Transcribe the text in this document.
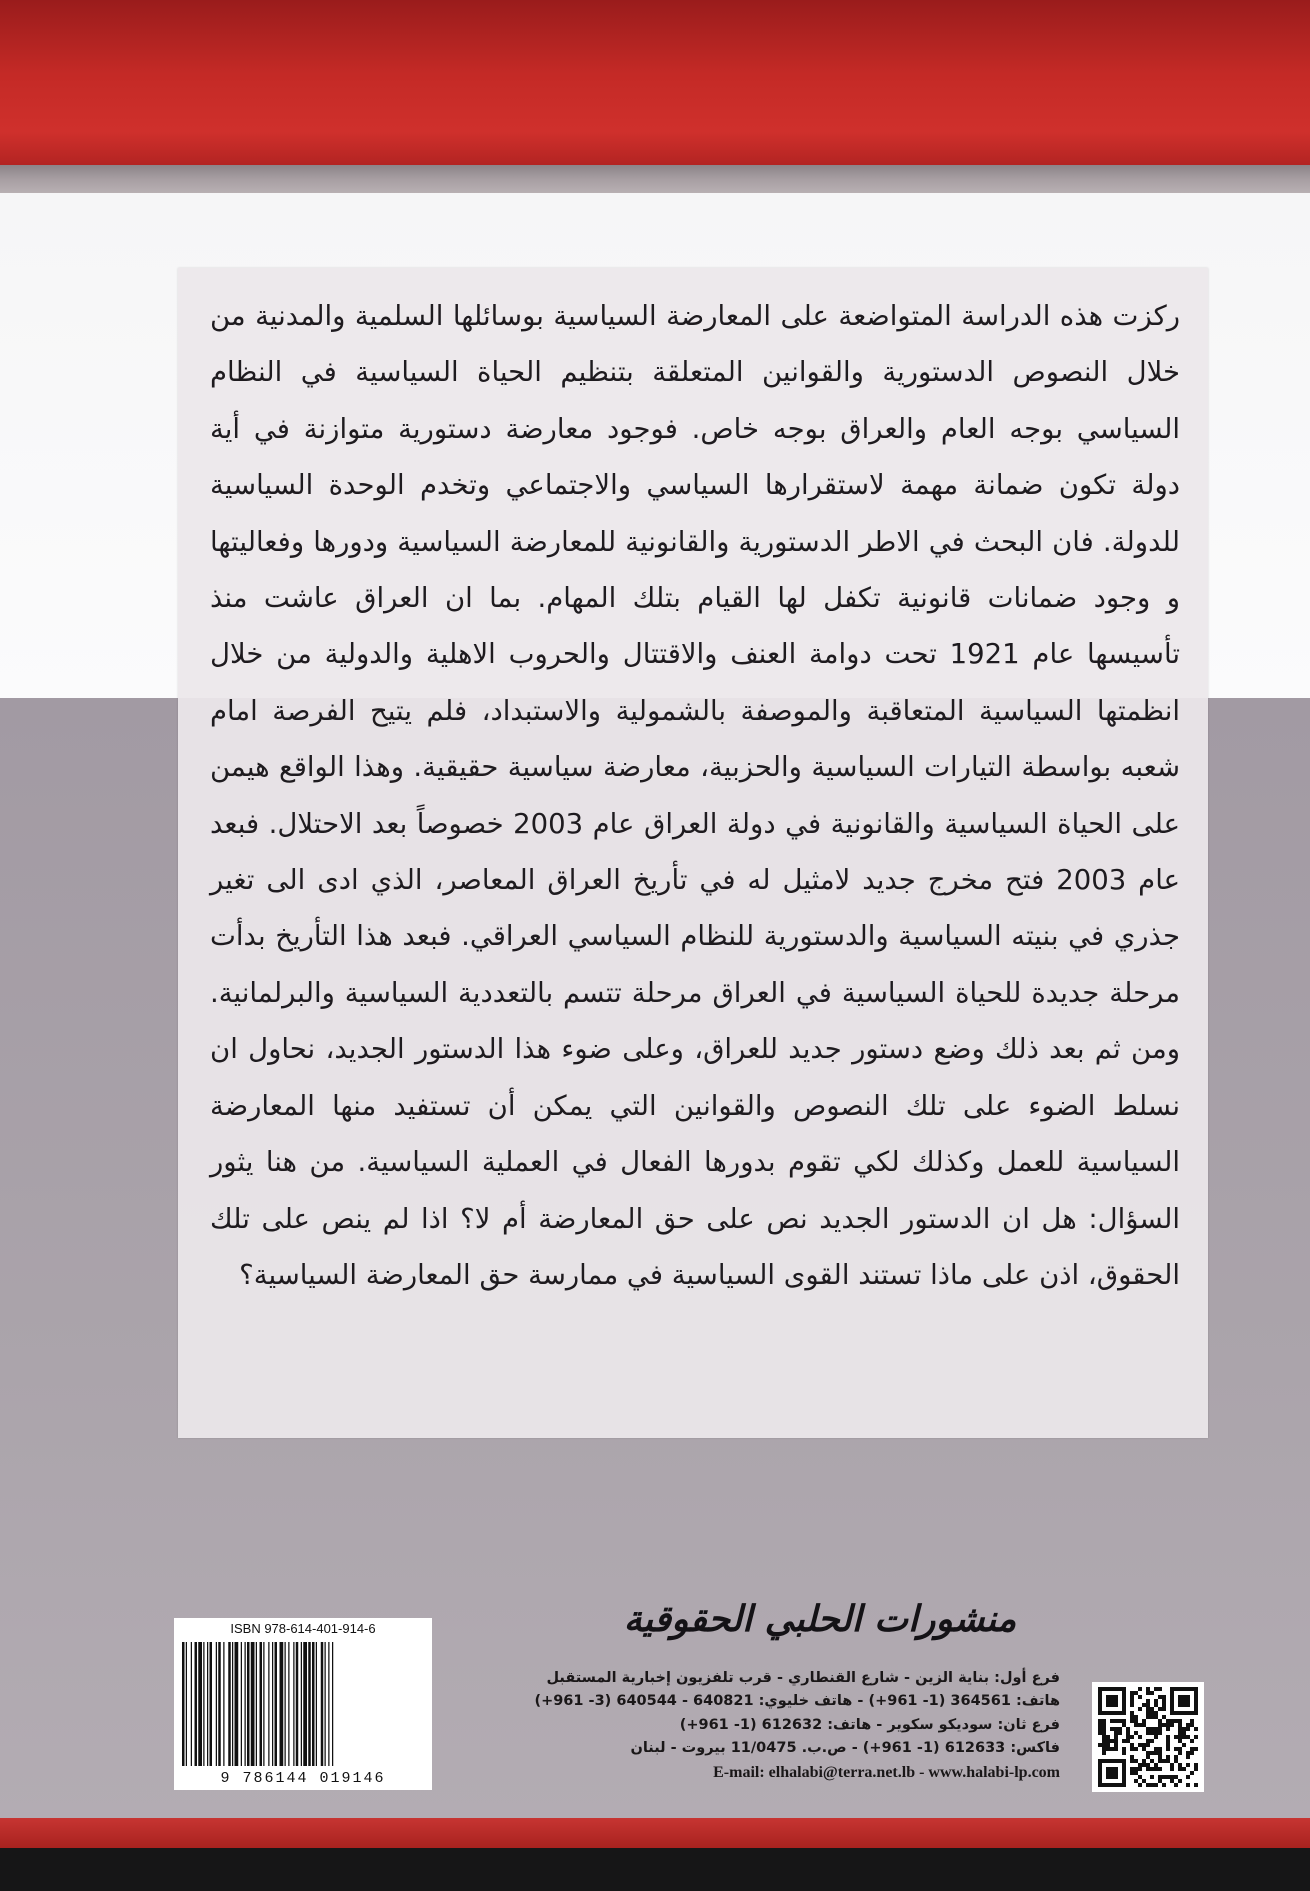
ركزت هذه الدراسة المتواضعة على المعارضة السياسية بوسائلها السلمية والمدنية من خلال النصوص الدستورية والقوانين المتعلقة بتنظيم الحياة السياسية في النظام السياسي بوجه العام والعراق بوجه خاص. فوجود معارضة دستورية متوازنة في أية دولة تكون ضمانة مهمة لاستقرارها السياسي والاجتماعي وتخدم الوحدة السياسية للدولة. فان البحث في الاطر الدستورية والقانونية للمعارضة السياسية ودورها وفعاليتها و وجود ضمانات قانونية تكفل لها القيام بتلك المهام. بما ان العراق عاشت منذ تأسيسها عام 1921 تحت دوامة العنف والاقتتال والحروب الاهلية والدولية من خلال انظمتها السياسية المتعاقبة والموصفة بالشمولية والاستبداد، فلم يتيح الفرصة امام شعبه بواسطة التيارات السياسية والحزبية، معارضة سياسية حقيقية. وهذا الواقع هيمن على الحياة السياسية والقانونية في دولة العراق عام 2003 خصوصاً بعد الاحتلال. فبعد عام 2003 فتح مخرج جديد لامثيل له في تأريخ العراق المعاصر، الذي ادى الى تغير جذري في بنيته السياسية والدستورية للنظام السياسي العراقي. فبعد هذا التأريخ بدأت مرحلة جديدة للحياة السياسية في العراق مرحلة تتسم بالتعددية السياسية والبرلمانية. ومن ثم بعد ذلك وضع دستور جديد للعراق، وعلى ضوء هذا الدستور الجديد، نحاول ان نسلط الضوء على تلك النصوص والقوانين التي يمكن أن تستفيد منها المعارضة السياسية للعمل وكذلك لكي تقوم بدورها الفعال في العملية السياسية. من هنا يثور السؤال: هل ان الدستور الجديد نص على حق المعارضة أم لا؟ اذا لم ينص على تلك الحقوق، اذن على ماذا تستند القوى السياسية في ممارسة حق المعارضة السياسية؟

ISBN 978-614-401-914-6
9 786144 019146
منشورات الحلبي الحقوقية
فرع أول: بناية الزين - شارع القنطاري - قرب تلفزيون إخبارية المستقبل
هاتف: 364561 (1- 961+) - هاتف خليوي: 640821 - 640544 (3- 961+)
فرع ثان: سوديكو سكوير - هاتف: 612632 (1- 961+)
فاكس: 612633 (1- 961+) - ص.ب. 11/0475 بيروت - لبنان
E-mail: elhalabi@terra.net.lb - www.halabi-lp.com
